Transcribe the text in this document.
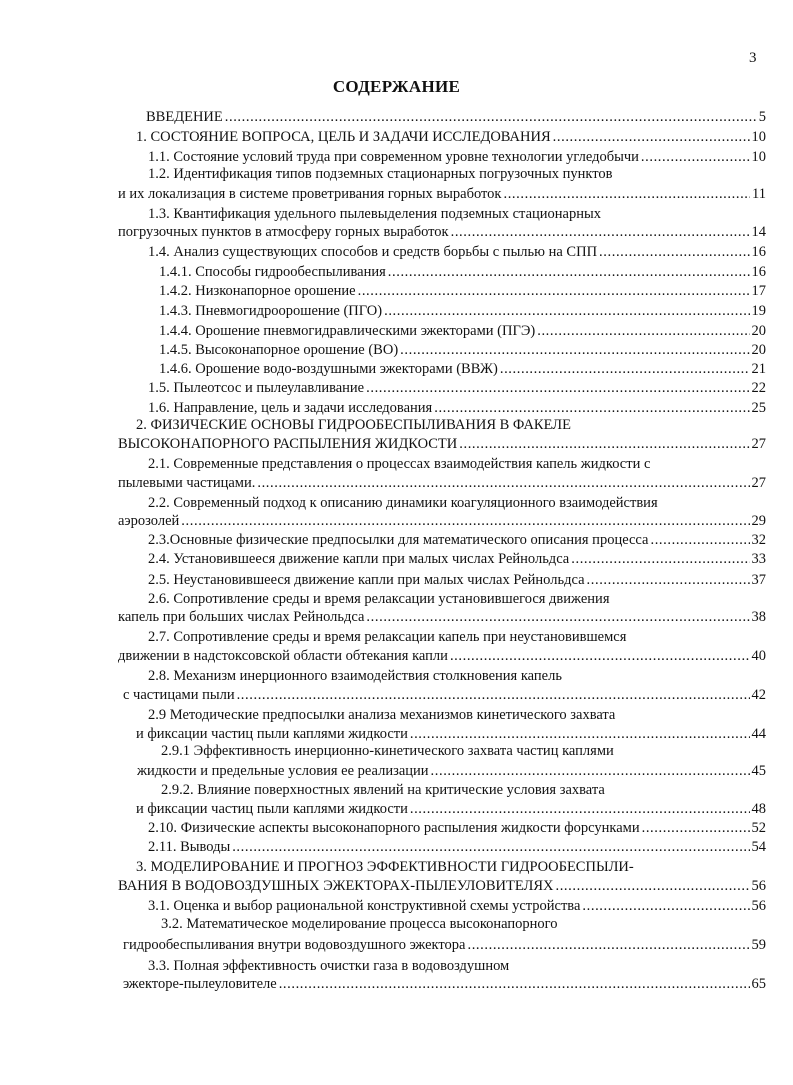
3
СОДЕРЖАНИЕ
ВВЕДЕНИЕ .....	5
1. СОСТОЯНИЕ ВОПРОСА, ЦЕЛЬ И ЗАДАЧИ ИССЛЕДОВАНИЯ .....	10
1.1. Состояние условий труда при современном уровне технологии угледобычи .....	10
1.2. Идентификация типов подземных стационарных погрузочных пунктов
и их локализация в системе проветривания горных выработок .....	11
1.3. Квантификация удельного пылевыделения подземных стационарных
погрузочных пунктов в атмосферу горных выработок .....	14
1.4. Анализ существующих способов и средств борьбы с пылью на СПП .....	16
1.4.1. Способы гидрообеспыливания .....	16
1.4.2. Низконапорное орошение .....	17
1.4.3. Пневмогидроорошение (ПГО) .....	19
1.4.4. Орошение пневмогидравлическими эжекторами (ПГЭ) .....	20
1.4.5. Высоконапорное орошение (ВО) .....	20
1.4.6. Орошение водо-воздушными эжекторами (ВВЖ) .....	21
1.5. Пылеотсос и пылеулавливание .....	22
1.6. Направление, цель и задачи исследования .....	25
2. ФИЗИЧЕСКИЕ ОСНОВЫ ГИДРООБЕСПЫЛИВАНИЯ В ФАКЕЛЕ
ВЫСОКОНАПОРНОГО РАСПЫЛЕНИЯ ЖИДКОСТИ .....	27
2.1. Современные представления о процессах взаимодействия капель жидкости с
пылевыми частицами. .....	27
2.2. Современный подход к описанию динамики коагуляционного взаимодействия
аэрозолей .....	29
2.3.Основные физические предпосылки для математического описания процесса .....	32
2.4. Установившееся движение капли при малых числах Рейнольдса .....	33
2.5. Неустановившееся движение капли при малых числах Рейнольдса .....	37
2.6. Сопротивление среды и время релаксации установившегося движения
капель при больших числах Рейнольдса .....	38
2.7. Сопротивление среды и время релаксации капель при неустановившемся
движении в надстоксовской области обтекания капли .....	40
2.8. Механизм инерционного взаимодействия столкновения капель
с частицами пыли .....	42
2.9 Методические предпосылки анализа механизмов кинетического захвата
и фиксации частиц пыли каплями жидкости .....	44
2.9.1 Эффективность инерционно-кинетического захвата частиц каплями
жидкости и предельные условия ее реализации .....	45
2.9.2. Влияние поверхностных явлений на критические условия захвата
и фиксации частиц пыли каплями жидкости .....	48
2.10. Физические аспекты высоконапорного распыления жидкости форсунками .....	52
2.11. Выводы .....	54
3. МОДЕЛИРОВАНИЕ И ПРОГНОЗ ЭФФЕКТИВНОСТИ ГИДРООБЕСПЫЛИ-
ВАНИЯ В ВОДОВОЗДУШНЫХ ЭЖЕКТОРАХ-ПЫЛЕУЛОВИТЕЛЯХ .....	56
3.1. Оценка и выбор рациональной конструктивной схемы устройства .....	56
3.2. Математическое моделирование процесса высоконапорного
гидрообеспыливания внутри водовоздушного эжектора .....	59
3.3. Полная эффективность очистки газа в водовоздушном
эжекторе-пылеуловителе .....	65
